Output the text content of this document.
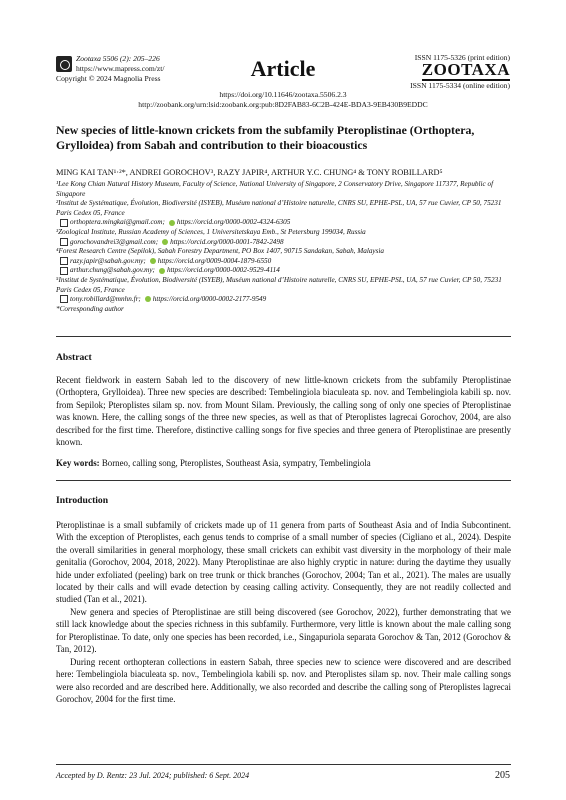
Zootaxa 5506 (2): 205–226
https://www.mapress.com/zt/
Copyright © 2024 Magnolia Press	Article	ISSN 1175-5326 (print edition)
ZOOTAXA
ISSN 1175-5334 (online edition)
https://doi.org/10.11646/zootaxa.5506.2.3
http://zoobank.org/urn:lsid:zoobank.org:pub:8D2FAB83-6C2B-424E-BDA3-9EB430B9EDDC
New species of little-known crickets from the subfamily Pteroplistinae (Orthoptera, Grylloidea) from Sabah and contribution to their bioacoustics
MING KAI TAN¹·²*, ANDREI GOROCHOV³, RAZY JAPIR⁴, ARTHUR Y.C. CHUNG⁴ & TONY ROBILLARD⁵
¹Lee Kong Chian Natural History Museum, Faculty of Science, National University of Singapore, 2 Conservatory Drive, Singapore 117377, Republic of Singapore
²Institut de Systématique, Évolution, Biodiversité (ISYEB), Muséum national d’Histoire naturelle, CNRS SU, EPHE-PSL, UA, 57 rue Cuvier, CP 50, 75231 Paris Cedex 05, France
orthoptera.mingkai@gmail.com; https://orcid.org/0000-0002-4324-6305
³Zoological Institute, Russian Academy of Sciences, 1 Universitetskaya Emb., St Petersburg 199034, Russia
gorochovandrei3@gmail.com; https://orcid.org/0000-0001-7842-2498
⁴Forest Research Centre (Sepilok), Sabah Forestry Department, PO Box 1407, 90715 Sandakan, Sabah, Malaysia
razy.japir@sabah.gov.my; https://orcid.org/0009-0004-1879-6550
arthur.chung@sabah.gov.my; https://orcid.org/0000-0002-9529-4114
⁵Institut de Systématique, Évolution, Biodiversité (ISYEB), Muséum national d’Histoire naturelle, CNRS SU, EPHE-PSL, UA, 57 rue Cuvier, CP 50, 75231 Paris Cedex 05, France
tony.robillard@mnhn.fr; https://orcid.org/0000-0002-2177-9549
*Corresponding author
Abstract
Recent fieldwork in eastern Sabah led to the discovery of new little-known crickets from the subfamily Pteroplistinae (Orthoptera, Grylloidea). Three new species are described: Tembelingiola biaculeata sp. nov. and Tembelingiola kabili sp. nov. from Sepilok; Pteroplistes silam sp. nov. from Mount Silam. Previously, the calling song of only one species of Pteroplistinae was known. Here, the calling songs of the three new species, as well as that of Pteroplistes lagrecai Gorochov, 2004, are also described for the first time. Therefore, distinctive calling songs for five species and three genera of Pteroplistinae are presently known.
Key words: Borneo, calling song, Pteroplistes, Southeast Asia, sympatry, Tembelingiola
Introduction
Pteroplistinae is a small subfamily of crickets made up of 11 genera from parts of Southeast Asia and of India Subcontinent. With the exception of Pteroplistes, each genus tends to comprise of a small number of species (Cigliano et al., 2024). Despite the overall similarities in general morphology, these small crickets can exhibit vast diversity in the morphology of their male genitalia (Gorochov, 2004, 2018, 2022). Many Pteroplistinae are also highly cryptic in nature: during the daytime they usually hide under exfoliated (peeling) bark on tree trunk or thick branches (Gorochov, 2004; Tan et al., 2021). The males are usually located by their calls and will evade detection by ceasing calling activity. Consequently, they are not readily collected and studied (Tan et al., 2021).
New genera and species of Pteroplistinae are still being discovered (see Gorochov, 2022), further demonstrating that we still lack knowledge about the species richness in this subfamily. Furthermore, very little is known about the male calling song for Pteroplistinae. To date, only one species has been recorded, i.e., Singapuriola separata Gorochov & Tan, 2012 (Gorochov & Tan, 2012).
During recent orthopteran collections in eastern Sabah, three species new to science were discovered and are described here: Tembelingiola biaculeata sp. nov., Tembelingiola kabili sp. nov. and Pteroplistes silam sp. nov. Their male calling songs were also recorded and are described here. Additionally, we also recorded and describe the calling song of Pteroplistes lagrecai Gorochov, 2004 for the first time.
Accepted by D. Rentz: 23 Jul. 2024; published: 6 Sept. 2024	205
